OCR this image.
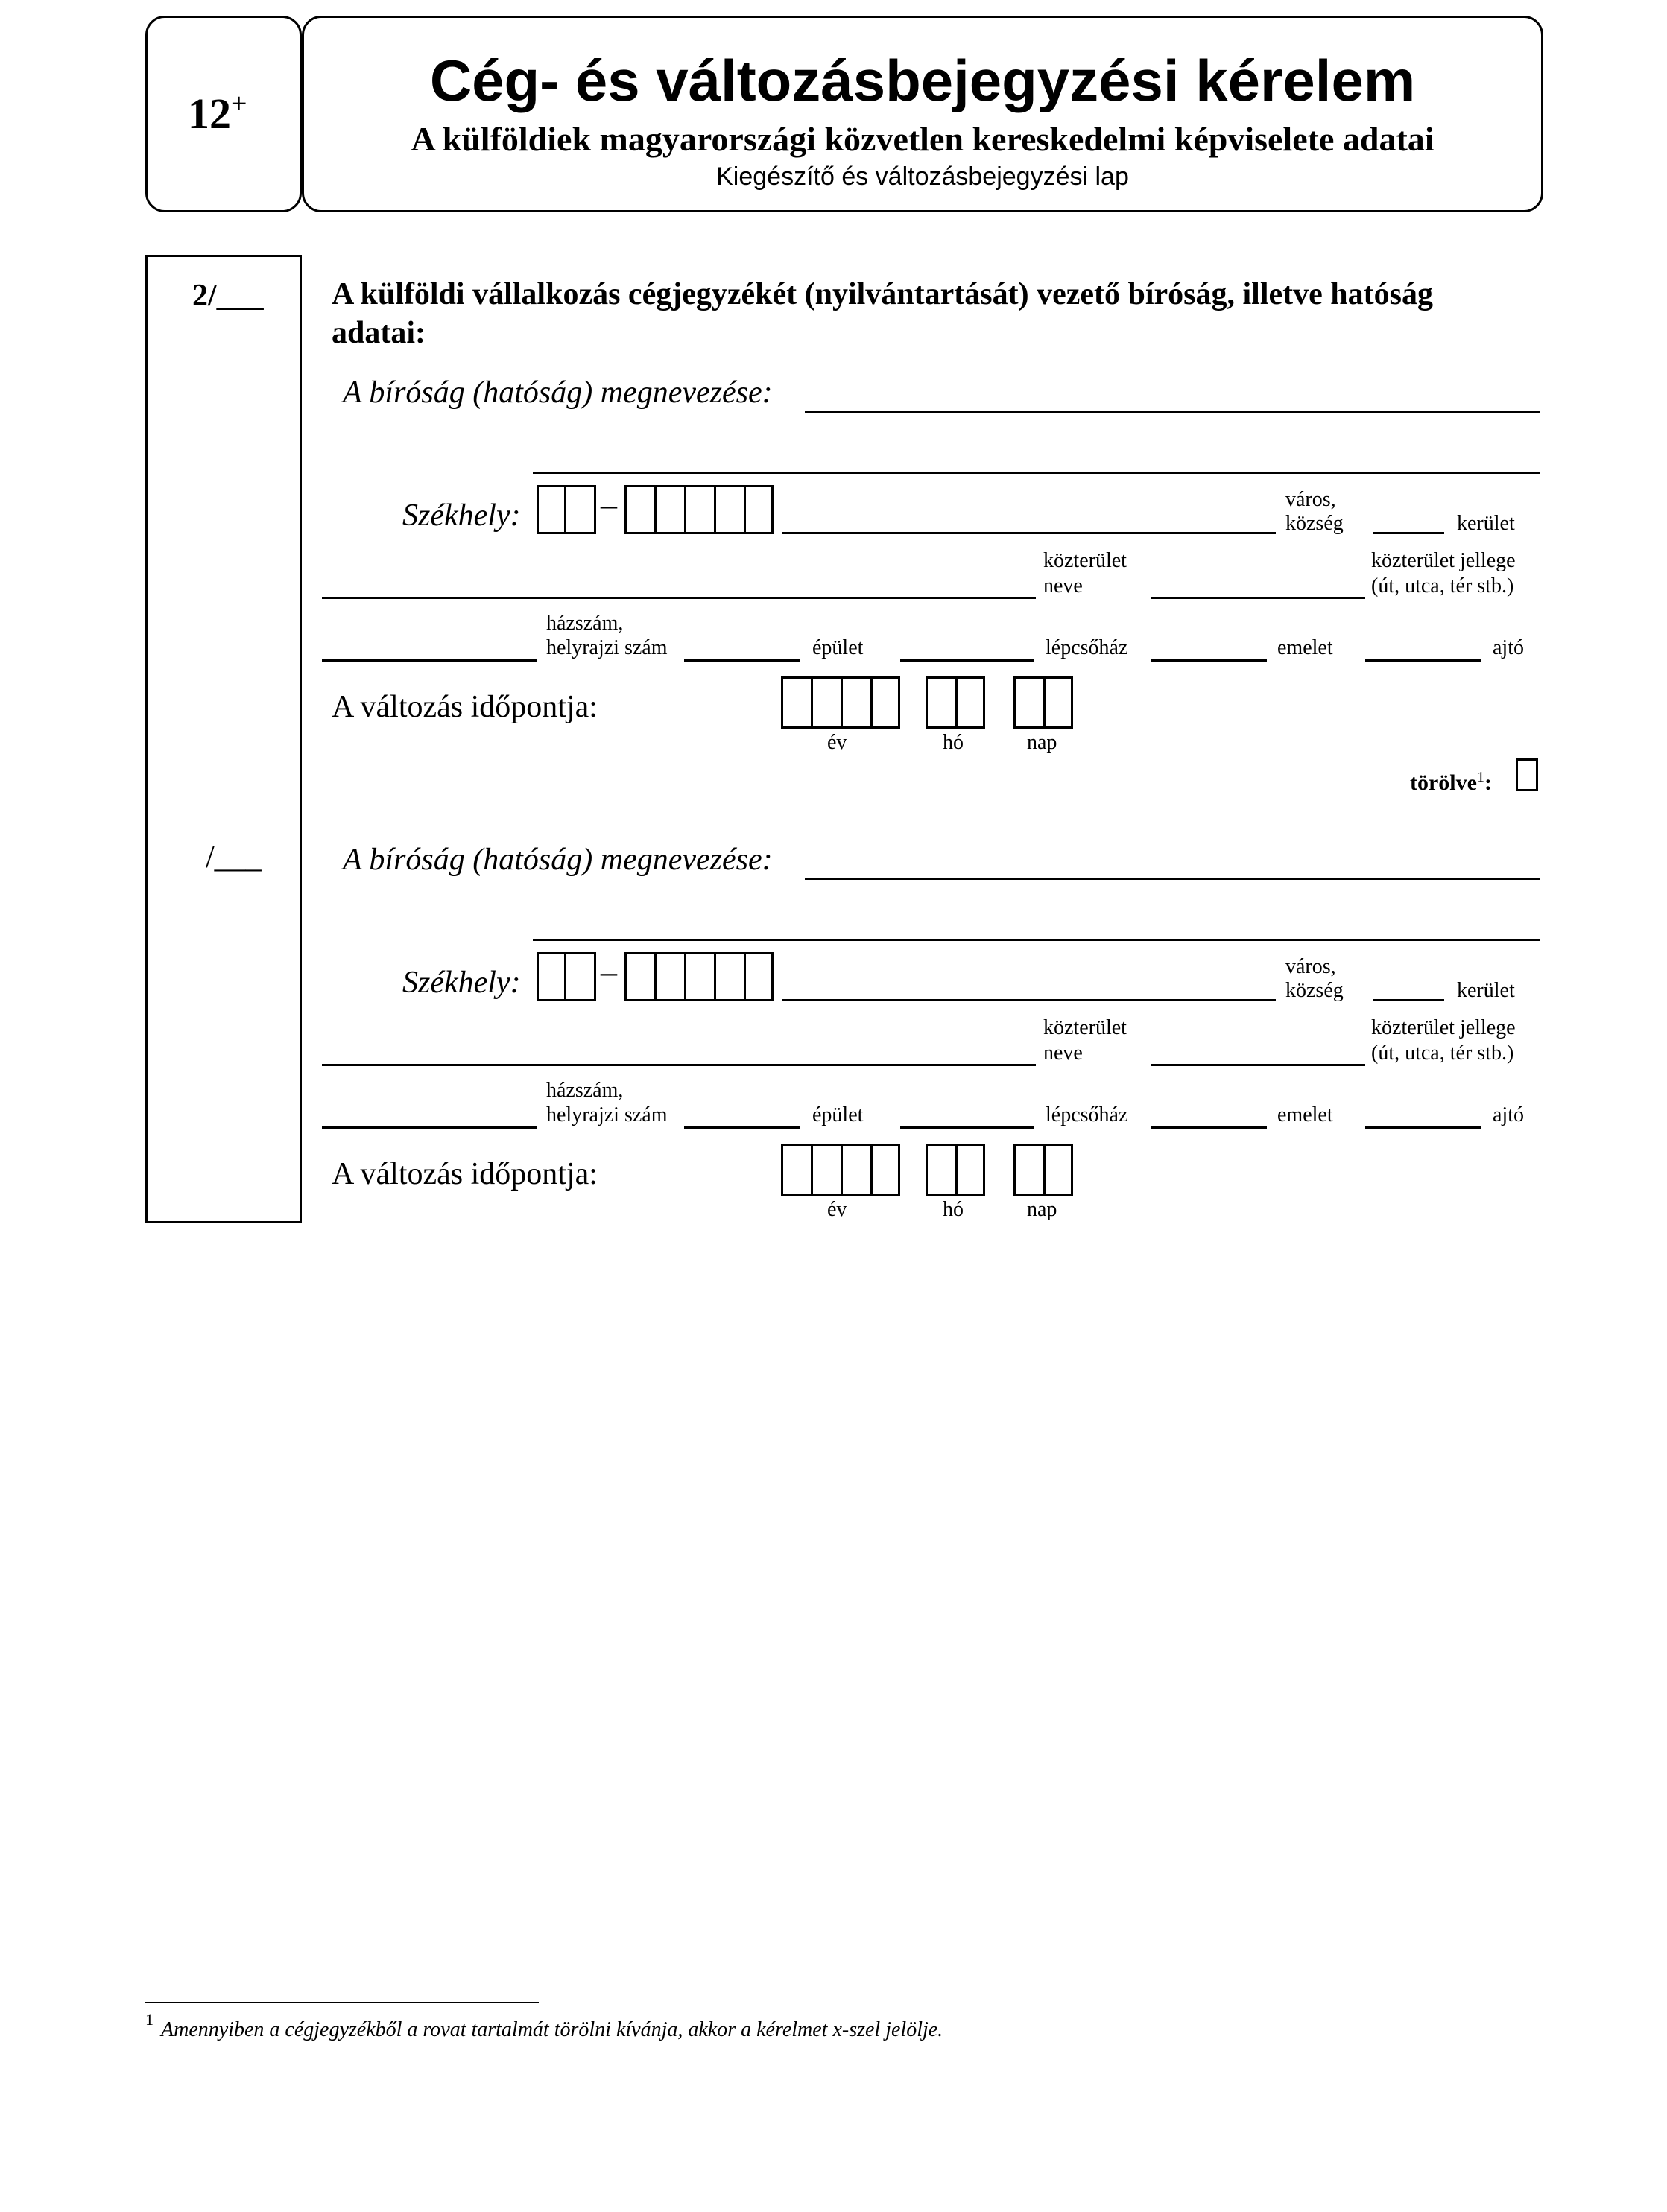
12+	Cég- és változásbejegyzési kérelem
A külföldiek magyarországi közvetlen kereskedelmi képviselete adatai
Kiegészítő és változásbejegyzési lap
2/___ A külföldi vállalkozás cégjegyzékét (nyilvántartását) vezető bíróság, illetve hatóság
adatai:
A bíróság (hatóság) megnevezése:
Székhely: –	város,
község	kerület
közterület
neve
közterület jellege
(út, utca, tér stb.)
házszám,
helyrajzi szám	épület	lépcsőház	emelet	ajtó
A változás időpontja:
év	hó	nap
törölve$^1$:
/___	A bíróság (hatóság) megnevezése:
Székhely: –	város,
község	kerület
közterület
neve
közterület jellege
(út, utca, tér stb.)
házszám,
helyrajzi szám	épület	lépcsőház	emelet	ajtó
A változás időpontja:
év	hó	nap
1 Amennyiben a cégjegyzékből a rovat tartalmát törölni kívánja, akkor a kérelmet x-szel jelölje.
